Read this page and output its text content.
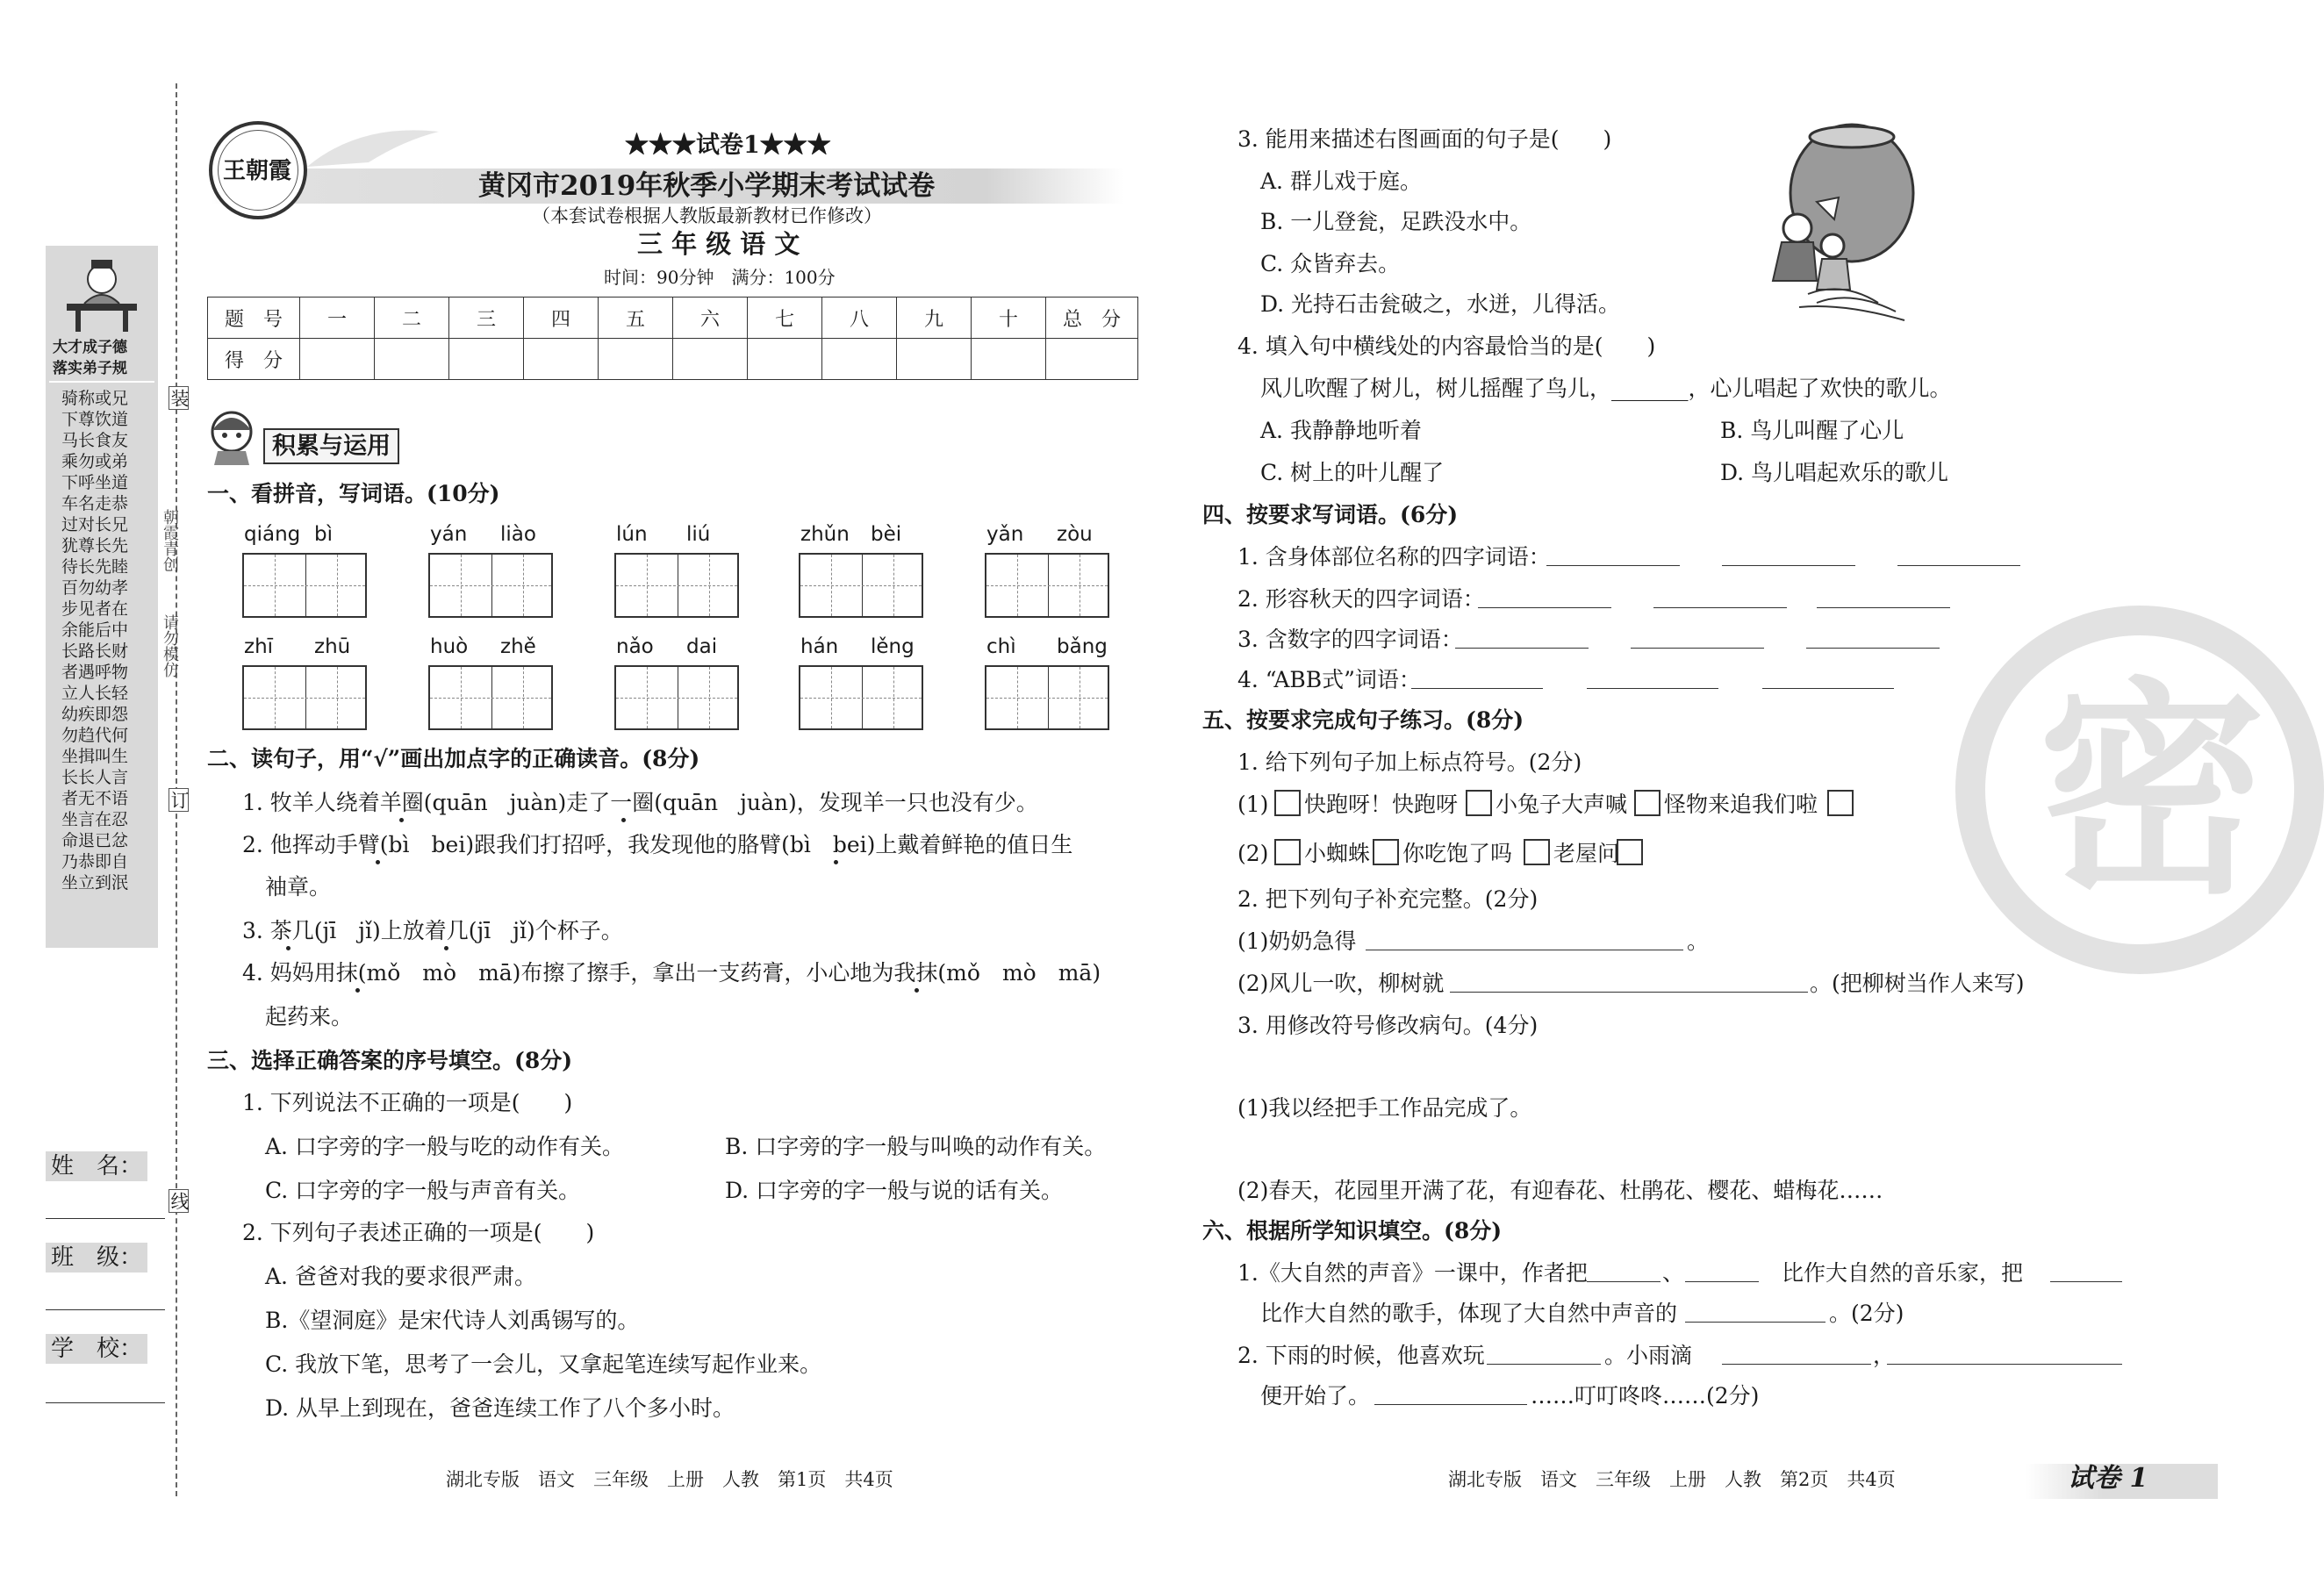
装
订
线
朝霞青创
请勿模仿
大才成子德
落实弟子规
骑称或兄
下尊饮道
马长食友
乘勿或弟
下呼坐道
车名走恭
过对长兄
犹尊长先
待长先睦
百勿幼孝
步见者在
余能后中
长路长财
者遇呼物
立人长轻
幼疾即怨
勿趋代何
坐揖叫生
长长人言
者无不语
坐言在忍
命退已忿
乃恭即自
坐立到泯
姓　名：
班　级：
学　校：
王朝霞
★★★试卷1★★★
黄冈市2019年秋季小学期末考试试卷
（本套试卷根据人教版最新教材已作修改）
三 年 级 语 文
时间：90分钟　满分：100分
题　号	一	二	三	四	五	六	七	八	九	十	总　分
得　分											
积累与运用
一、看拼音，写词语。(10分)
qiáng bì	yán liào	lún liú	zhǔn bèi	yǎn zòu
zhī zhū	huò zhě	nǎo dai	hán lěng	chì bǎng
二、读句子，用“√”画出加点字的正确读音。(8分)
1. 牧羊人绕着羊圈(quān　juàn)走了一圈(quān　juàn)，发现羊一只也没有少。
2. 他挥动手臂(bì　bei)跟我们打招呼，我发现他的胳臂(bì　bei)上戴着鲜艳的值日生
袖章。
3. 茶几(jī　jǐ)上放着几(jī　jǐ)个杯子。
4. 妈妈用抹(mǒ　mò　mā)布擦了擦手，拿出一支药膏，小心地为我抹(mǒ　mò　mā)
起药来。
三、选择正确答案的序号填空。(8分)
1. 下列说法不正确的一项是(　　)
A. 口字旁的字一般与吃的动作有关。	B. 口字旁的字一般与叫唤的动作有关。
C. 口字旁的字一般与声音有关。	D. 口字旁的字一般与说的话有关。
2. 下列句子表述正确的一项是(　　)
A. 爸爸对我的要求很严肃。
B.《望洞庭》是宋代诗人刘禹锡写的。
C. 我放下笔，思考了一会儿，又拿起笔连续写起作业来。
D. 从早上到现在，爸爸连续工作了八个多小时。
湖北专版　语文　三年级　上册　人教　第1页　共4页
3. 能用来描述右图画面的句子是(　　)
A. 群儿戏于庭。
B. 一儿登瓮，足跌没水中。
C. 众皆弃去。
D. 光持石击瓮破之，水迸，儿得活。
4. 填入句中横线处的内容最恰当的是(　　)
风儿吹醒了树儿，树儿摇醒了鸟儿，_______，心儿唱起了欢快的歌儿。
A. 我静静地听着	B. 鸟儿叫醒了心儿
C. 树上的叶儿醒了	D. 鸟儿唱起欢乐的歌儿
四、按要求写词语。(6分)
1. 含身体部位名称的四字词语：
2. 形容秋天的四字词语：
3. 含数字的四字词语：
4. “ABB式”词语：
五、按要求完成句子练习。(8分)
1. 给下列句子加上标点符号。(2分)
(1) 快跑呀！快跑呀 小兔子大声喊 怪物来追我们啦
(2) 小蜘蛛 你吃饱了吗 老屋问
2. 把下列句子补充完整。(2分)
(1)奶奶急得	。
(2)风儿一吹，柳树就	。(把柳树当作人来写)
3. 用修改符号修改病句。(4分)
(1)我以经把手工作品完成了。
(2)春天，花园里开满了花，有迎春花、杜鹃花、樱花、蜡梅花……
六、根据所学知识填空。(8分)
1.《大自然的声音》一课中，作者把	、	比作大自然的音乐家，把
比作大自然的歌手，体现了大自然中声音的	。(2分)
2. 下雨的时候，他喜欢玩	。小雨滴	，
便开始了。	……叮叮咚咚……(2分)
湖北专版　语文　三年级　上册　人教　第2页　共4页	试卷 1
密
